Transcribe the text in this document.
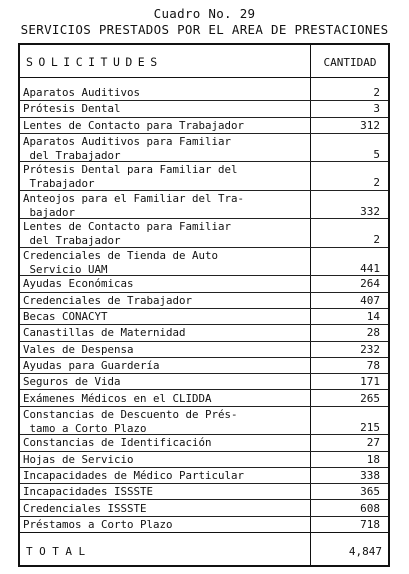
Cuadro No. 29
SERVICIOS PRESTADOS POR EL AREA DE PRESTACIONES
SOLICITUDES	CANTIDAD
Aparatos Auditivos	2
Prótesis Dental	3
Lentes de Contacto para Trabajador	312
Aparatos Auditivos para Familiar
del Trabajador	5
Prótesis Dental para Familiar del
Trabajador	2
Anteojos para el Familiar del Tra-
bajador	332
Lentes de Contacto para Familiar
del Trabajador	2
Credenciales de Tienda de Auto
Servicio UAM	441
Ayudas Económicas	264
Credenciales de Trabajador	407
Becas CONACYT	14
Canastillas de Maternidad	28
Vales de Despensa	232
Ayudas para Guardería	78
Seguros de Vida	171
Exámenes Médicos en el CLIDDA	265
Constancias de Descuento de Prés-
tamo a Corto Plazo	215
Constancias de Identificación	27
Hojas de Servicio	18
Incapacidades de Médico Particular	338
Incapacidades ISSSTE	365
Credenciales ISSSTE	608
Préstamos a Corto Plazo	718
TOTAL	4,847
